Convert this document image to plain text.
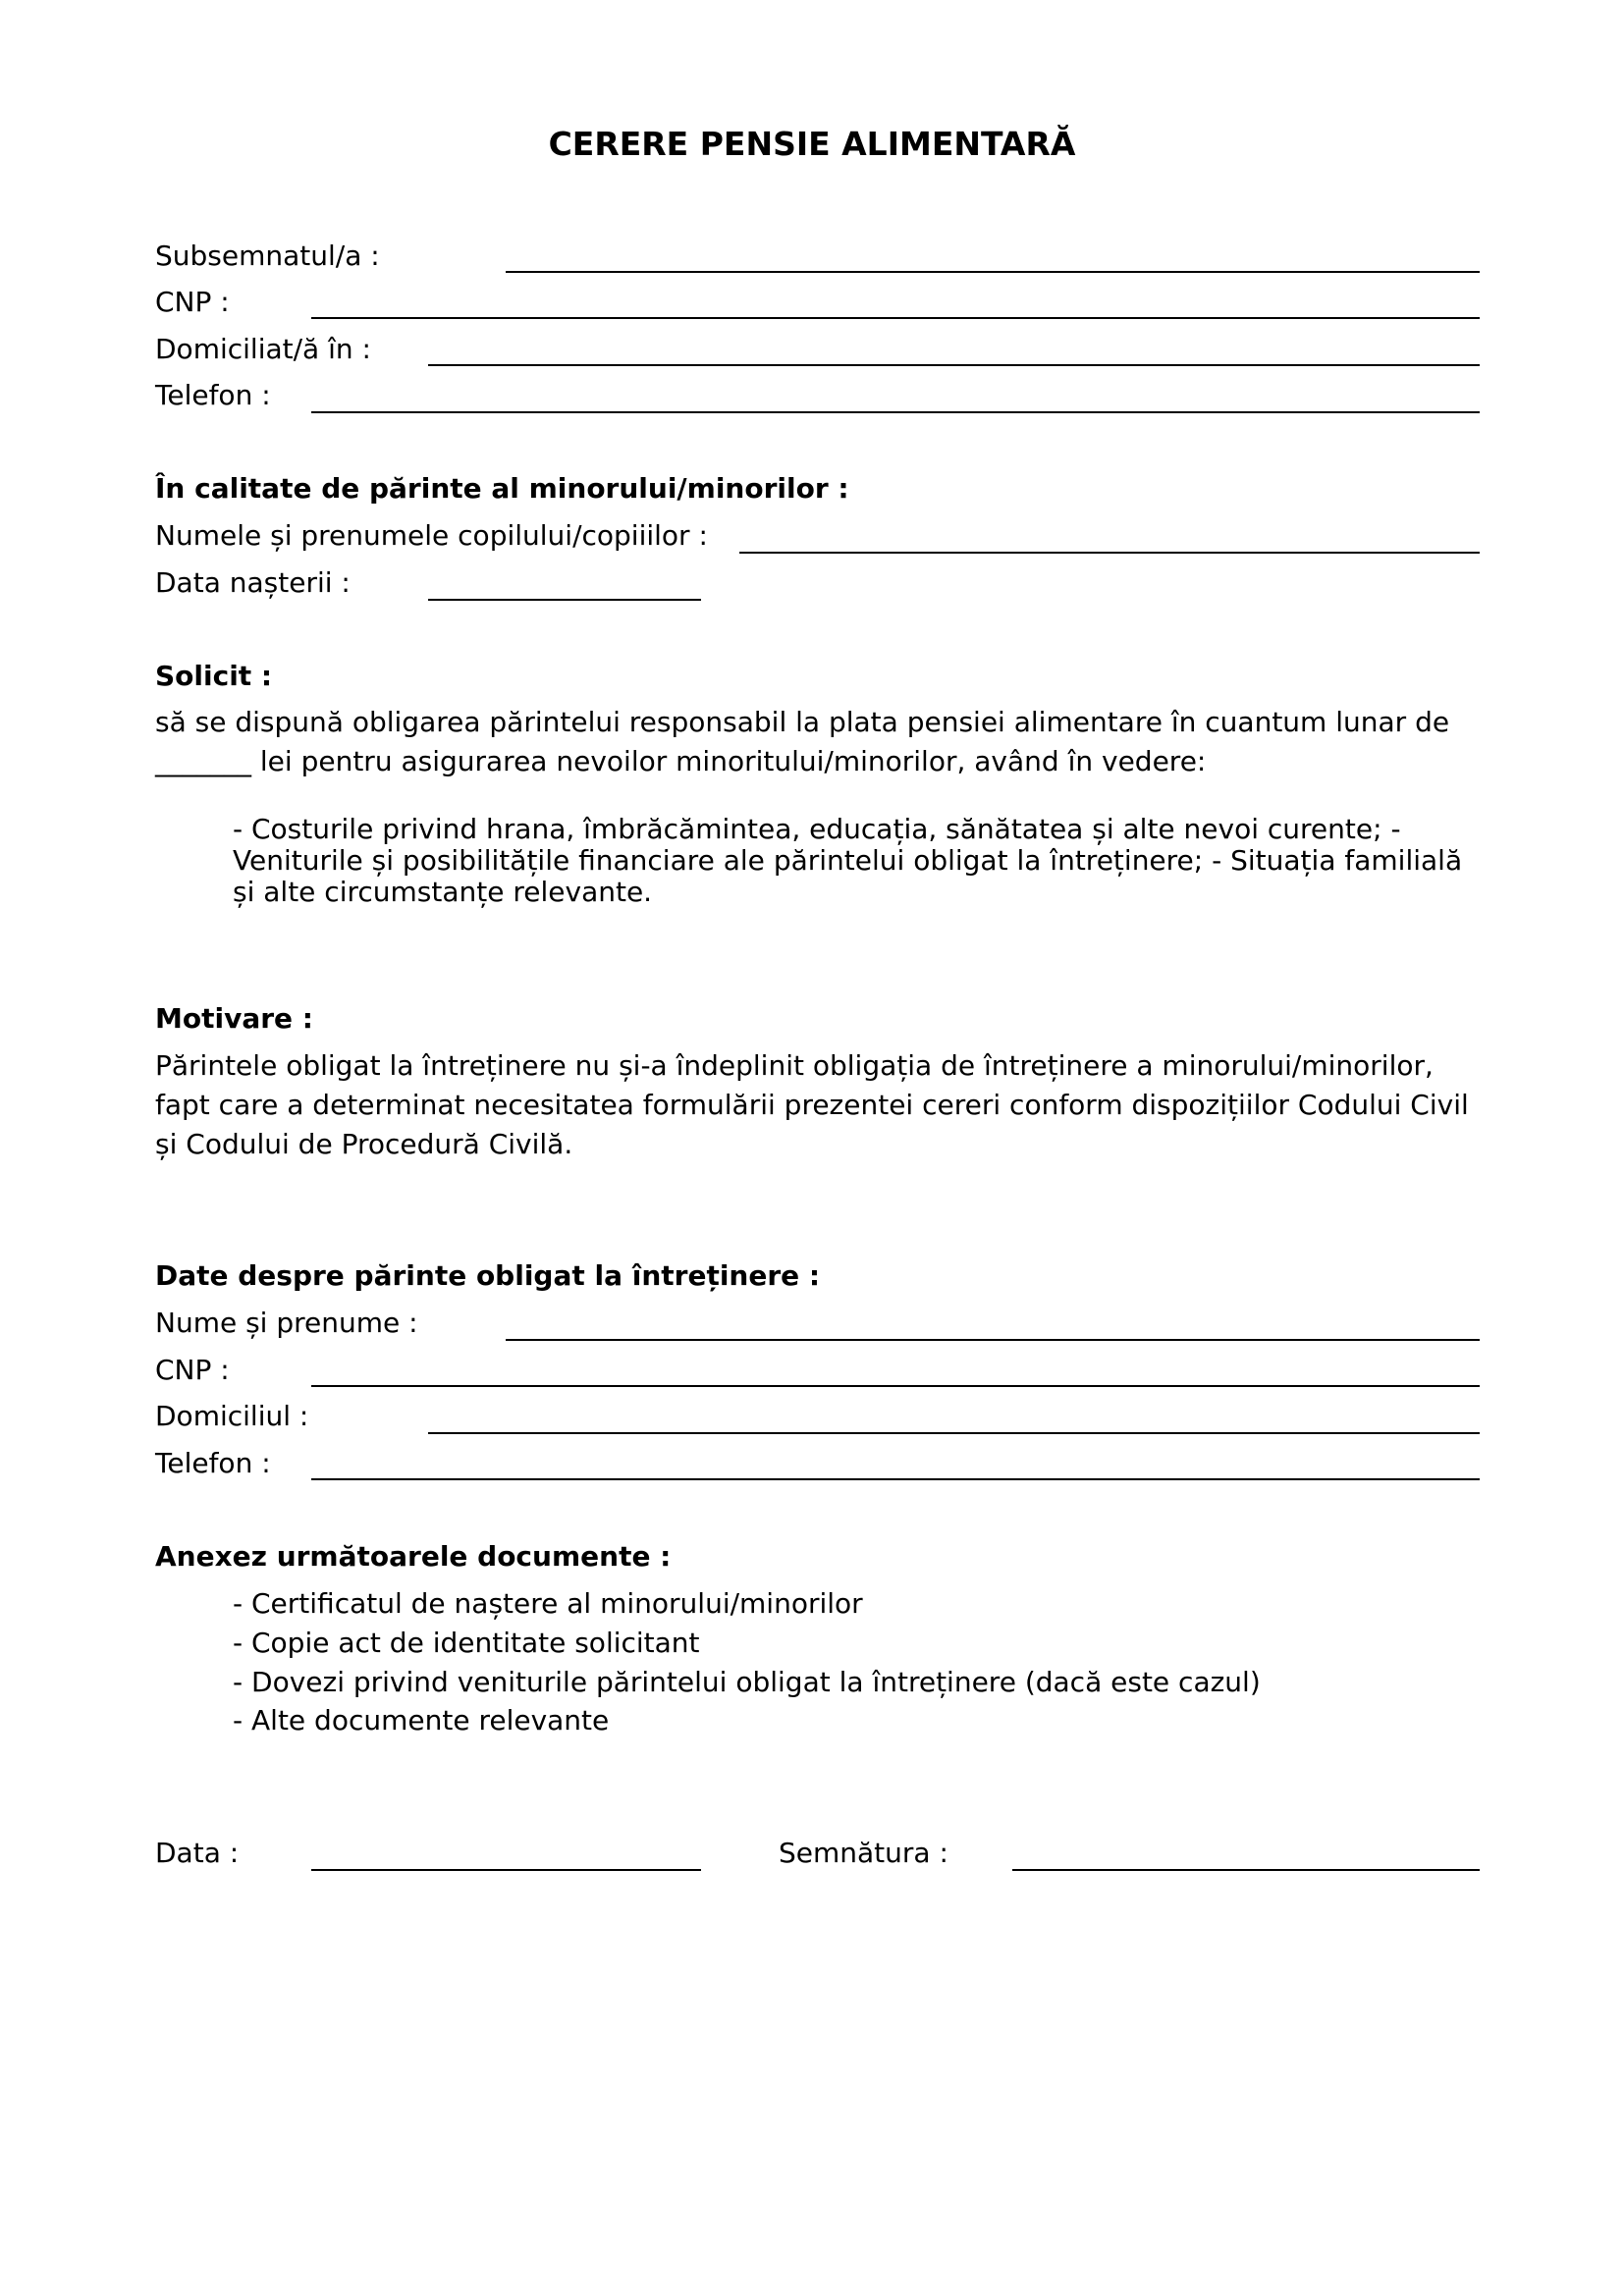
CERERE PENSIE ALIMENTARĂ
Subsemnatul/a :
CNP :
Domiciliat/ă în :
Telefon :
În calitate de părinte al minorului/minorilor :
Numele și prenumele copilului/copiiilor :
Data nașterii :
Solicit :
să se dispună obligarea părintelui responsabil la plata pensiei alimentare în cuantum lunar de _______ lei pentru asigurarea nevoilor minoritului/minorilor, având în vedere:
- Costurile privind hrana, îmbrăcămintea, educația, sănătatea și alte nevoi curente; - Veniturile și posibilitățile financiare ale părintelui obligat la întreținere; - Situația familială și alte circumstanțe relevante.
Motivare :
Părintele obligat la întreținere nu și-a îndeplinit obligația de întreținere a minorului/minorilor, fapt care a determinat necesitatea formulării prezentei cereri conform dispozițiilor Codului Civil și Codului de Procedură Civilă.
Date despre părinte obligat la întreținere :
Nume și prenume :
CNP :
Domiciliul :
Telefon :
Anexez următoarele documente :
- Certificatul de naștere al minorului/minorilor
- Copie act de identitate solicitant
- Dovezi privind veniturile părintelui obligat la întreținere (dacă este cazul)
- Alte documente relevante
Data :	Semnătura :
